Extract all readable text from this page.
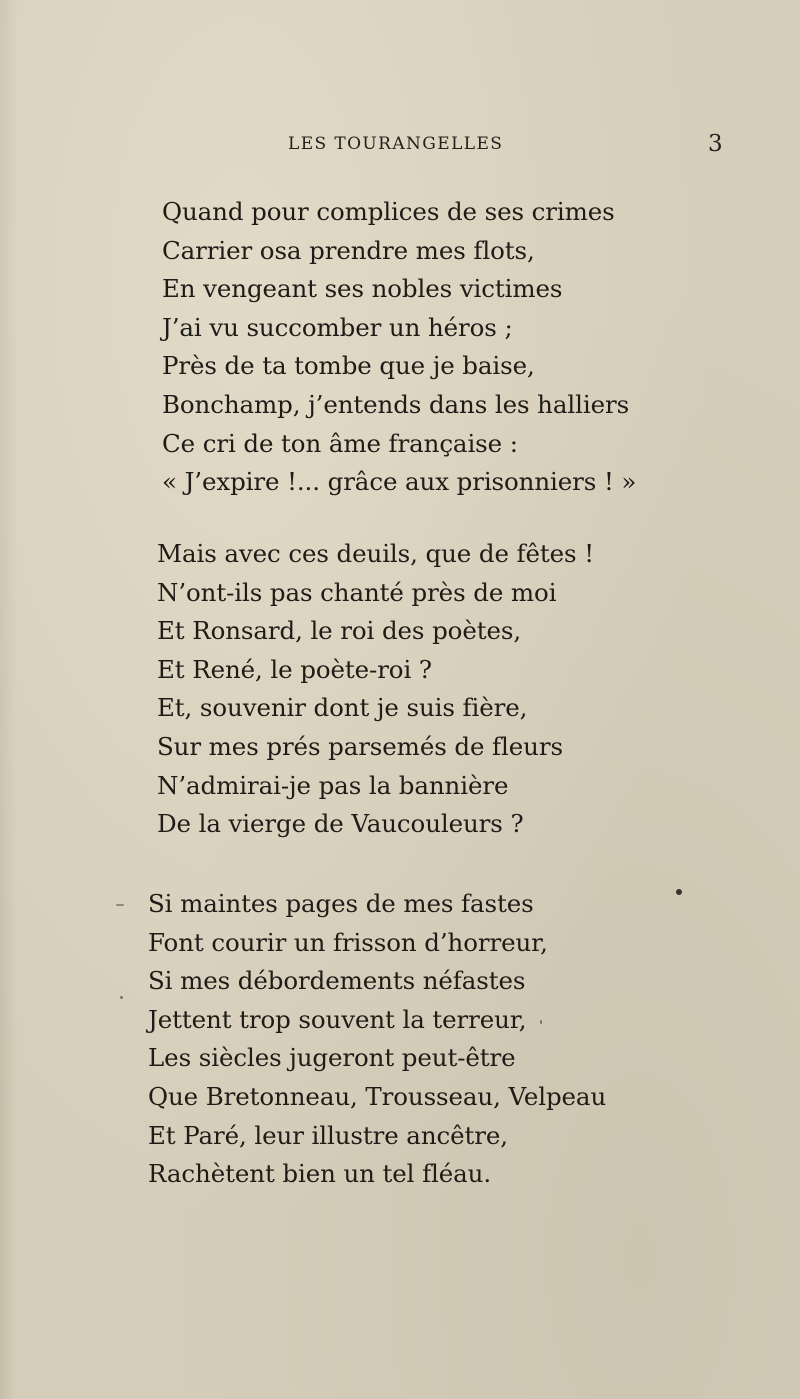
LES TOURANGELLES	3
Quand pour complices de ses crimes
Carrier osa prendre mes flots,
En vengeant ses nobles victimes
J’ai vu succomber un héros ;
Près de ta tombe que je baise,
Bonchamp, j’entends dans les halliers
Ce cri de ton âme française :
« J’expire !... grâce aux prisonniers ! »
Mais avec ces deuils, que de fêtes !
N’ont-ils pas chanté près de moi
Et Ronsard, le roi des poètes,
Et René, le poète-roi ?
Et, souvenir dont je suis fière,
Sur mes prés parsemés de fleurs
N’admirai-je pas la bannière
De la vierge de Vaucouleurs ?
Si maintes pages de mes fastes
Font courir un frisson d’horreur,
Si mes débordements néfastes
Jettent trop souvent la terreur,
Les siècles jugeront peut-être
Que Bretonneau, Trousseau, Velpeau
Et Paré, leur illustre ancêtre,
Rachètent bien un tel fléau.
